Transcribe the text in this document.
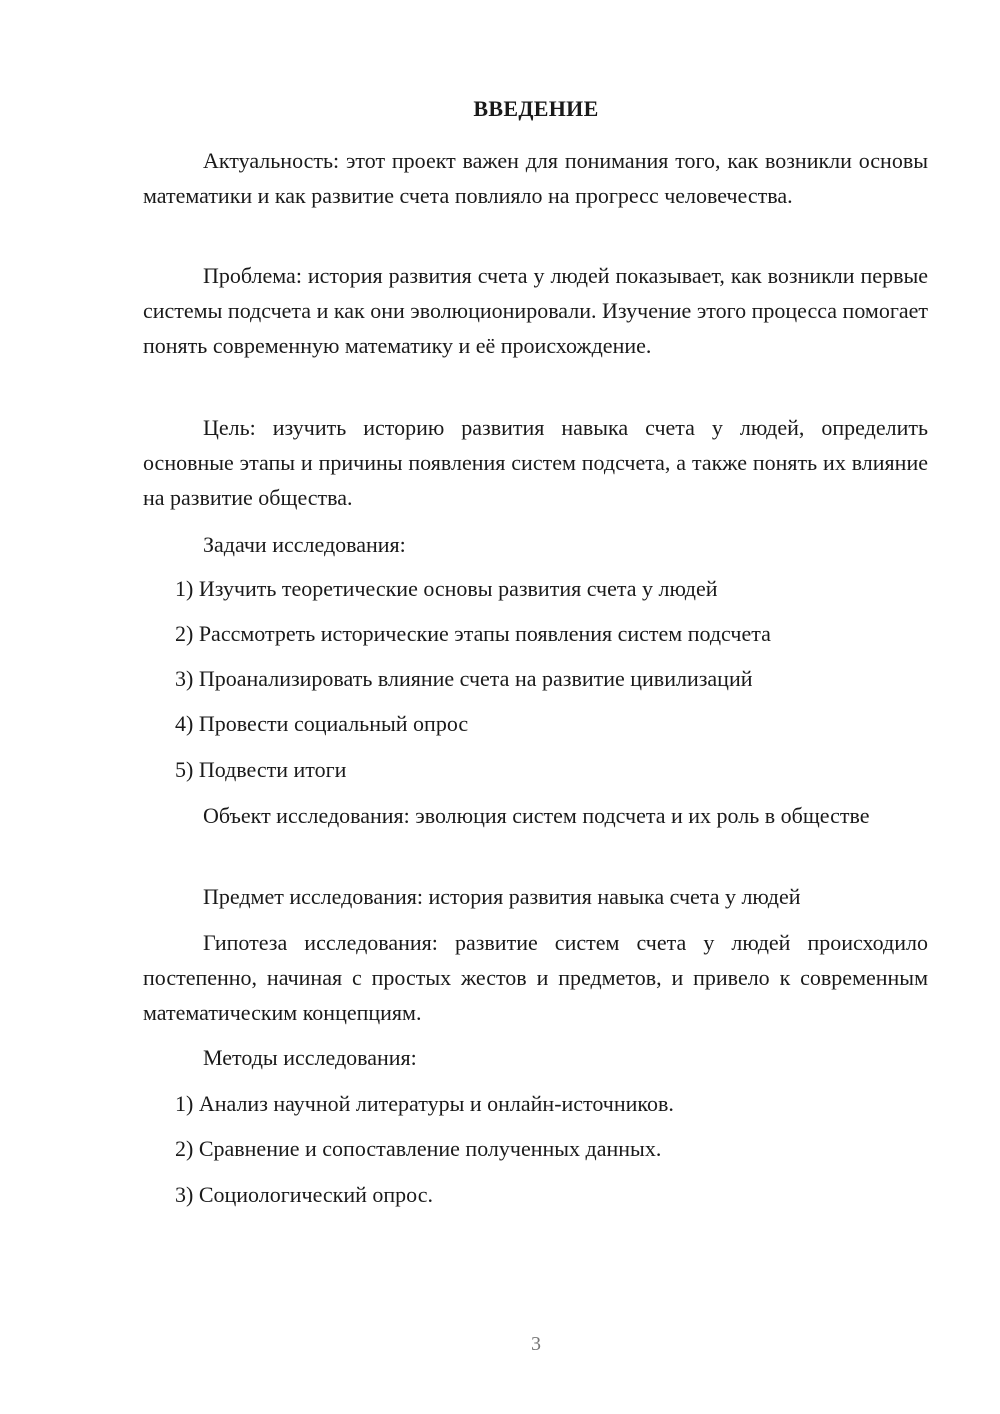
ВВЕДЕНИЕ

Актуальность: этот проект важен для понимания того, как возникли основы математики и как развитие счета повлияло на прогресс человечества.

Проблема: история развития счета у людей показывает, как возникли первые системы подсчета и как они эволюционировали. Изучение этого процесса помогает понять современную математику и её происхождение.

Цель: изучить историю развития навыка счета у людей, определить основные этапы и причины появления систем подсчета, а также понять их влияние на развитие общества.

Задачи исследования:

1) Изучить теоретические основы развития счета у людей

2) Рассмотреть исторические этапы появления систем подсчета

3) Проанализировать влияние счета на развитие цивилизаций

4) Провести социальный опрос

5) Подвести итоги

Объект исследования: эволюция систем подсчета и их роль в обществе

Предмет исследования: история развития навыка счета у людей

Гипотеза исследования: развитие систем счета у людей происходило постепенно, начиная с простых жестов и предметов, и привело к современным математическим концепциям.

Методы исследования:

1) Анализ научной литературы и онлайн-источников.

2) Сравнение и сопоставление полученных данных.

3) Социологический опрос.

3
